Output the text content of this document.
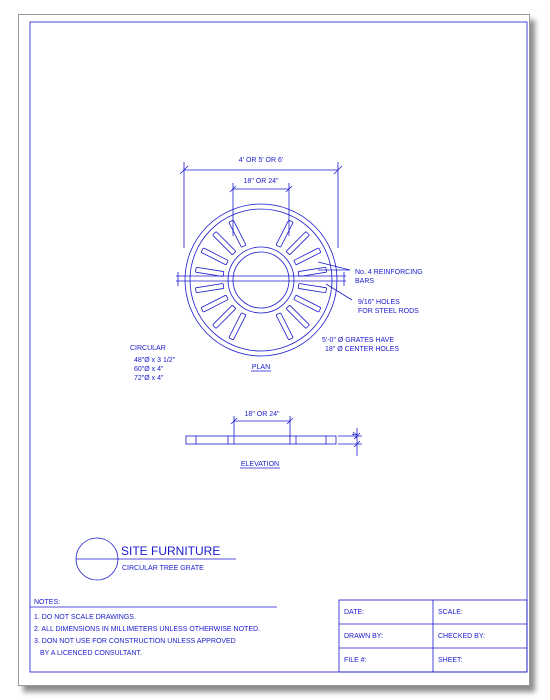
4' OR 5' OR 6'
18" OR 24"
No. 4 REINFORCING
BARS
9/16" HOLES
FOR STEEL RODS
5'-0" Ø GRATES HAVE
18" Ø CENTER HOLES
CIRCULAR
48"Ø x 3 1/2"
60"Ø x 4"
72"Ø x 4"
PLAN
18" OR 24"
4"
ELEVATION
SITE FURNITURE
CIRCULAR TREE GRATE
NOTES:
1. DO NOT SCALE DRAWINGS.
2. ALL DIMENSIONS IN MILLIMETERS UNLESS OTHERWISE NOTED.
3. DON NOT USE FOR CONSTRUCTION UNLESS APPROVED
BY A LICENCED CONSULTANT.
DATE:	SCALE:
DRAWN BY:	CHECKED BY:
FILE #:	SHEET:
